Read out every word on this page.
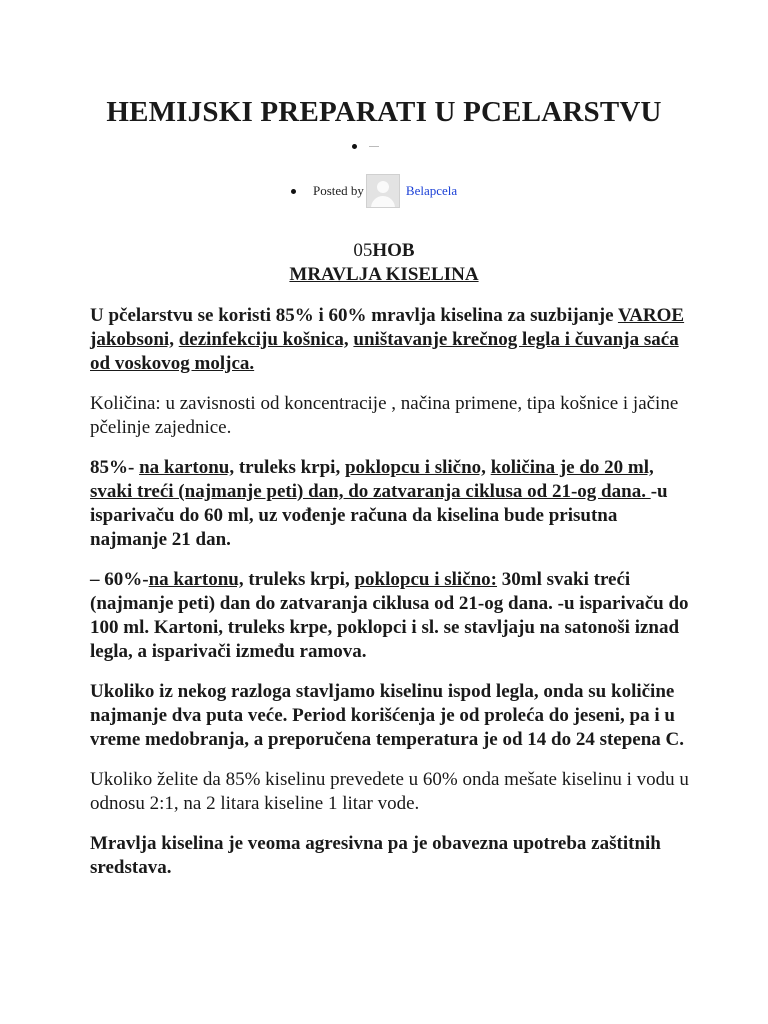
HEMIJSKI PREPARATI U PCELARSTVU
Posted by	Belapcela
05HOB
MRAVLJA KISELINA

U pčelarstvu se koristi 85% i 60% mravlja kiselina za suzbijanje VAROE jakobsoni, dezinfekciju košnica, uništavanje krečnog legla i čuvanja saća od voskovog moljca.

Količina: u zavisnosti od koncentracije , načina primene, tipa košnice i jačine pčelinje zajednice.

85%- na kartonu, truleks krpi, poklopcu i slično, količina je do 20 ml, svaki treći (najmanje peti) dan, do zatvaranja ciklusa od 21-og dana. -u isparivaču do 60 ml, uz vođenje računa da kiselina bude prisutna najmanje 21 dan.

– 60%-na kartonu, truleks krpi, poklopcu i slično: 30ml svaki treći (najmanje peti) dan do zatvaranja ciklusa od 21-og dana. -u isparivaču do 100 ml. Kartoni, truleks krpe, poklopci i sl. se stavljaju na satonoši iznad legla, a isparivači između ramova.

Ukoliko iz nekog razloga stavljamo kiselinu ispod legla, onda su količine najmanje dva puta veće. Period korišćenja je od proleća do jeseni, pa i u vreme medobranja, a preporučena temperatura je od 14 do 24 stepena C.

Ukoliko želite da 85% kiselinu prevedete u 60% onda mešate kiselinu i vodu u odnosu 2:1, na 2 litara kiseline 1 litar vode.

Mravlja kiselina je veoma agresivna pa je obavezna upotreba zaštitnih sredstava.
